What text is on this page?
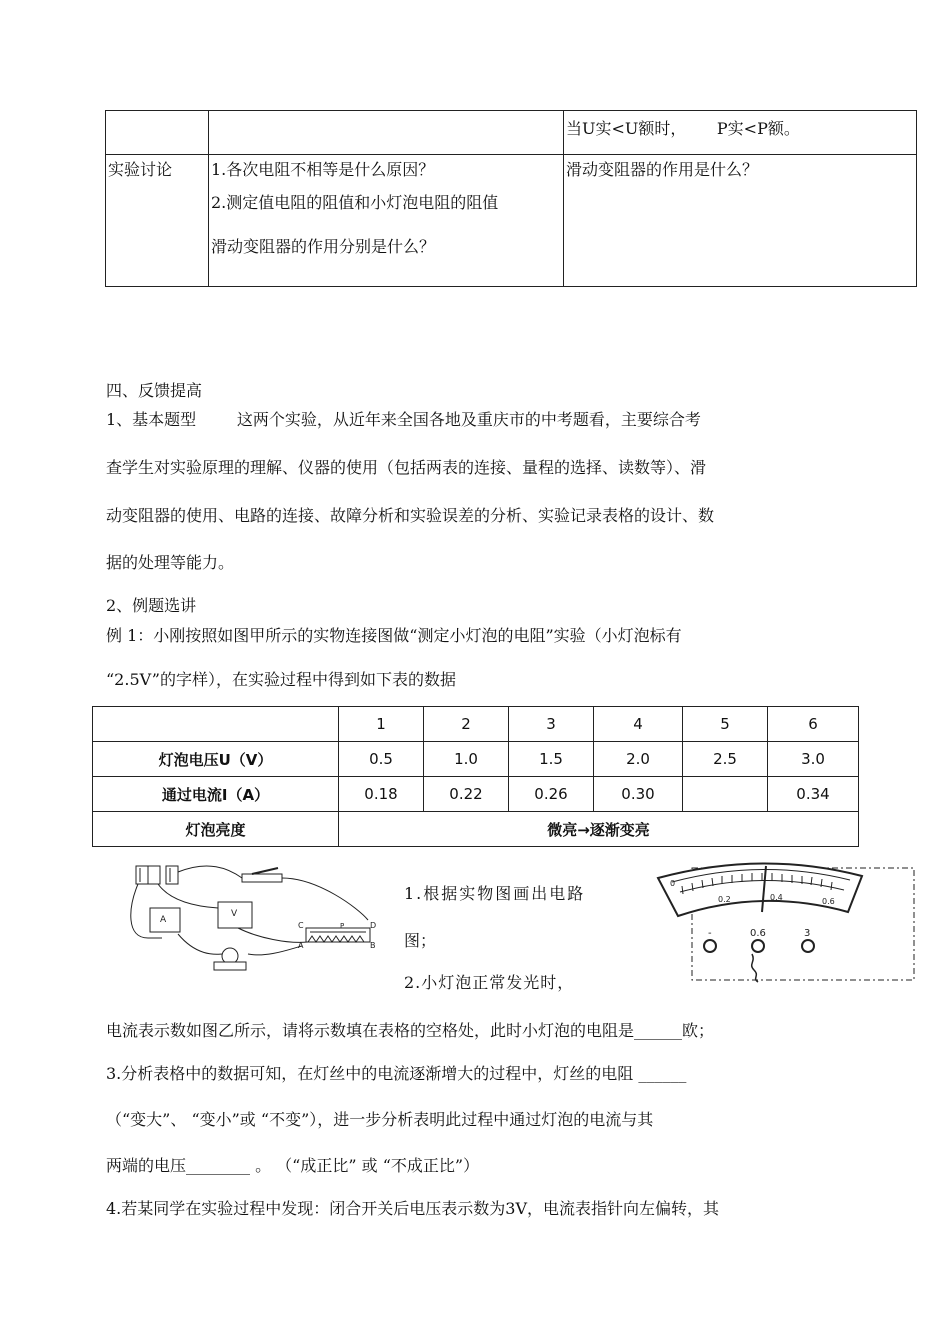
		当U实<U额时，      P实<P额。
实验讨论	1.各次电阻不相等是什么原因？
2.测定值电阻的阻值和小灯泡电阻的阻值
滑动变阻器的作用分别是什么？	滑动变阻器的作用是什么？
四、反馈提高
1、基本题型        这两个实验，从近年来全国各地及重庆市的中考题看，主要综合考
查学生对实验原理的理解、仪器的使用（包括两表的连接、量程的选择、读数等）、滑
动变阻器的使用、电路的连接、故障分析和实验误差的分析、实验记录表格的设计、数
据的处理等能力。
2、例题选讲
例 1：小刚按照如图甲所示的实物连接图做“测定小灯泡的电阻”实验（小灯泡标有
“2.5V”的字样），在实验过程中得到如下表的数据
	1	2	3	4	5	6
灯泡电压U（V）	0.5	1.0	1.5	2.0	2.5	3.0
通过电流I（A）	0.18	0.22	0.26	0.30		0.34
灯泡亮度	微亮→逐渐变亮					
A
V
C	D
A	B
P
1.根据实物图画出电路
图；
2.小灯泡正常发光时，
0
0.2	0.4	0.6
-	0.6	3
电流表示数如图乙所示，请将示数填在表格的空格处，此时小灯泡的电阻是______欧；
3.分析表格中的数据可知，在灯丝中的电流逐渐增大的过程中，灯丝的电阻 ______
（“变大”、 “变小”或 “不变”），进一步分析表明此过程中通过灯泡的电流与其
两端的电压________ 。 （“成正比” 或 “不成正比”）
4.若某同学在实验过程中发现：闭合开关后电压表示数为3V，电流表指针向左偏转，其
